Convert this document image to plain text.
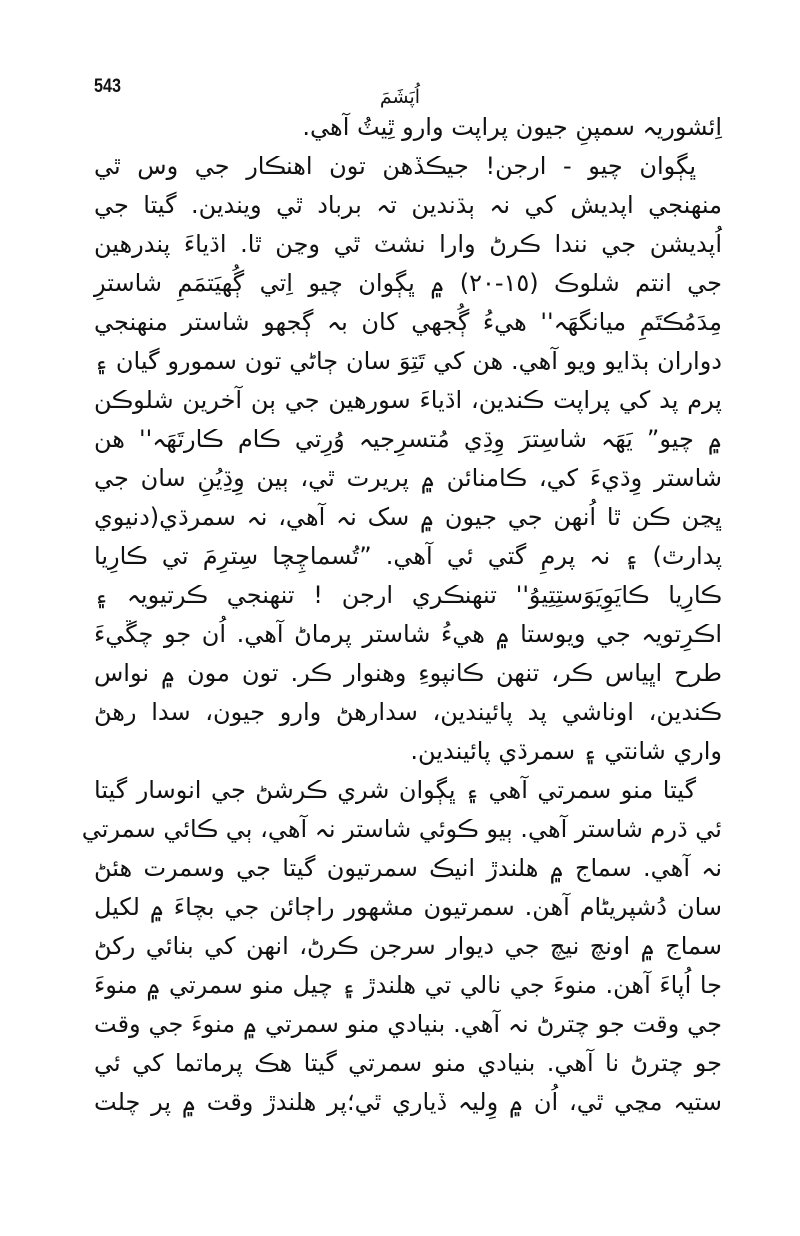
543	اُپَشَمَ
اِئشوريہ سمپنِ جيون پراپت وارو ٿِيٽُ آهي.
ڀڳوان چيو - ارجن! جيڪڏهن تون اهنڪار جي وس ٿي
منهنجي اپديش کي نہ ٻڌندين تہ برباد ٿي ويندين. گيتا جي
اُپديشن جي نندا ڪرڻ وارا نشٽ ٿي وڃن ٿا. اڌياءَ پندرهين
جي انتم شلوڪ (١٥-٢٠) ۾ ڀڳوان چيو اِتي ڳُهيَتمَمِ شاسترِ
مِدَمُڪتَمِ ميانگهَہ'' هيءُ ڳُجهي کان بہ ڳجهو شاستر منهنجي
دواران ٻڌايو ويو آهي. هن کي تَتِوَ سان ڄاڻي تون سمورو گيان ۽
پرم پد کي پراپت ڪندين، اڌياءَ سورهين جي ٻن آخرين شلوڪن
۾ چيو” يَهَہ شاسِترَ وِڌِي مُتسرِجيہ وُرِتي ڪام ڪارتَهَہ'' هن
شاستر وِڌيءَ کي، ڪامنائن ۾ پريرت ٿي، ٻين وِڌِيُنِ سان جي
ڀڃن ڪن ٿا اُنهن جي جيون ۾ سک نہ آهي، نہ سمرڌي(دنيوي
پدارٿ) ۽ نہ پرمِ گتي ئي آهي. ”تُسماچِچا سِترِمَ تي ڪارِيا
ڪارِيا ڪايَوِيَوَستِتِيوُ'' تنهنڪري ارجن ! تنهنجي ڪرتيويہ ۽
اڪرِتويہ جي ويوستا ۾ هيءُ شاستر پرماڻ آهي. اُن جو چڱيءَ
طرح اڀياس ڪر، تنهن ڪانپوءِ وهنوار ڪر. تون مون ۾ نواس
ڪندين، اوناشي پد پائيندين، سدارهڻ وارو جيون، سدا رهڻ
واري شانتي ۽ سمرڌي پائيندين.
گيتا منو سمرتي آهي ۽ ڀڳوان شري ڪرشڻ جي انوسار گيتا
ئي ڌرم شاستر آهي. ٻيو ڪوئي شاستر نہ آهي، ٻي ڪائي سمرتي
نہ آهي. سماج ۾ هلندڙ انيڪ سمرتيون گيتا جي وسمرت هئڻ
سان دُشپريڻام آهن. سمرتيون مشهور راڄائن جي بچاءَ ۾ لکيل
سماج ۾ اونچ نيچ جي ديوار سرجن ڪرڻ، انهن کي بنائي رکڻ
جا اُپاءَ آهن. منوءَ جي نالي تي هلندڙ ۽ چيل منو سمرتي ۾ منوءَ
جي وقت جو چترڻ نہ آهي. بنيادي منو سمرتي ۾ منوءَ جي وقت
جو چترڻ نا آهي. بنيادي منو سمرتي گيتا هڪ پرماتما کي ئي
ستيہ مڃي ٿي، اُن ۾ وِليہ ڏياري ٿي؛پر هلندڙ وقت ۾ پر چلت
